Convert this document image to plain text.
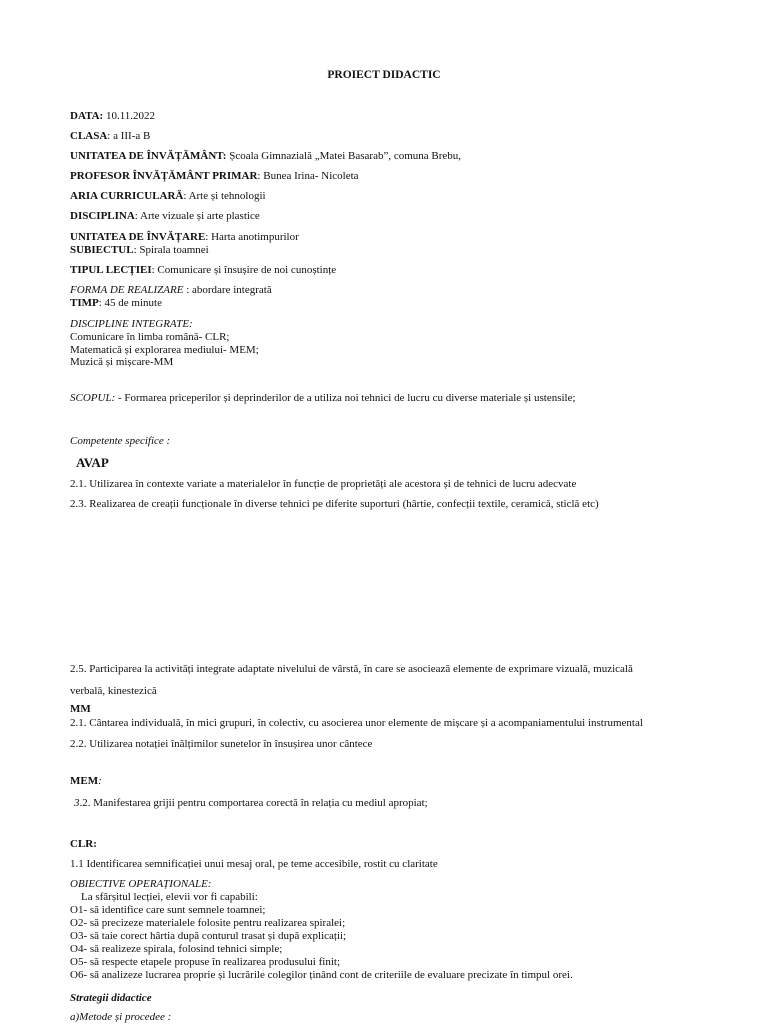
PROIECT DIDACTIC
DATA: 10.11.2022
CLASA: a III-a B
UNITATEA DE ÎNVĂȚĂMÂNT: Școala Gimnazială „Matei Basarab”, comuna Brebu,
PROFESOR ÎNVĂȚĂMÂNT PRIMAR: Bunea Irina- Nicoleta
ARIA CURRICULARĂ: Arte și tehnologii
DISCIPLINA: Arte vizuale și arte plastice
UNITATEA DE ÎNVĂȚARE: Harta anotimpurilor
SUBIECTUL: Spirala toamnei
TIPUL LECȚIEI: Comunicare și însușire de noi cunoștințe
FORMA DE REALIZARE : abordare integrată
TIMP: 45 de minute
DISCIPLINE INTEGRATE:
Comunicare în limba română- CLR;
Matematică și explorarea mediului- MEM;
Muzică și mișcare-MM
SCOPUL: - Formarea priceperilor și deprinderilor de a utiliza noi tehnici de lucru cu diverse materiale și ustensile;
Competente specifice :
AVAP
2.1. Utilizarea în contexte variate a materialelor în funcție de proprietăți ale acestora și de tehnici de lucru adecvate
2.3. Realizarea de creații funcționale în diverse tehnici pe diferite suporturi (hârtie, confecții textile, ceramică, sticlă etc)
2.5. Participarea la activități integrate adaptate nivelului de vârstă, în care se asociează elemente de exprimare vizuală, muzicală
verbală, kinestezică
MM
2.1. Cântarea individuală, în mici grupuri, în colectiv, cu asocierea unor elemente de mișcare și a acompaniamentului instrumental
2.2. Utilizarea notației înălțimilor sunetelor în însușirea unor cântece
MEM:
3.2. Manifestarea grijii pentru comportarea corectă în relația cu mediul apropiat;
CLR:
1.1 Identificarea semnificației unui mesaj oral, pe teme accesibile, rostit cu claritate
OBIECTIVE OPERAȚIONALE:
La sfârșitul lecției, elevii vor fi capabili:
O1- să identifice care sunt semnele toamnei;
O2- să precizeze materialele folosite pentru realizarea spiralei;
O3- să taie corect hârtia după conturul trasat și după explicații;
O4- să realizeze spirala, folosind tehnici simple;
O5- să respecte etapele propuse în realizarea produsului finit;
O6- să analizeze lucrarea proprie și lucrările colegilor ținând cont de criteriile de evaluare precizate în timpul orei.
Strategii didactice
a)Metode și procedee :
